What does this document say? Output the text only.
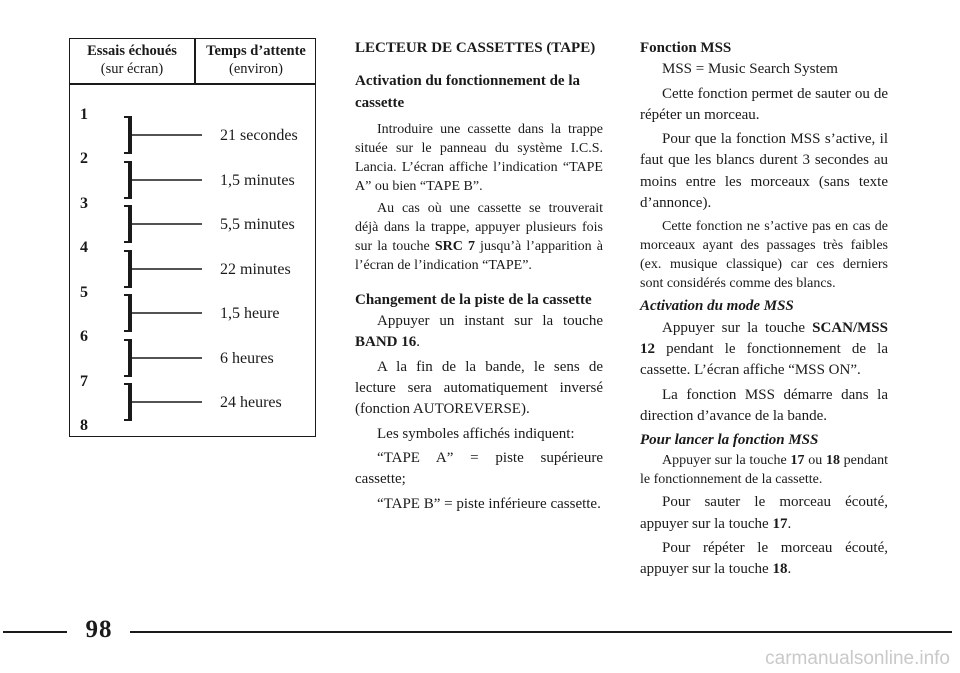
Essais échoués
(sur écran)
Temps d’attente
(environ)
1
2
3
4
5
6
7
8
21 secondes
1,5 minutes
5,5 minutes
22 minutes
1,5 heure
6 heures
24 heures
LECTEUR DE CASSETTES (TAPE)
Activation du fonctionnement de la cassette

Introduire une cassette dans la trappe située sur le panneau du système I.C.S. Lancia. L’écran affiche l’indication “TAPE A” ou bien “TAPE B”.

Au cas où une cassette se trouverait déjà dans la trappe, appuyer plusieurs fois sur la touche SRC 7 jusqu’à l’apparition à l’écran de l’indication “TAPE”.

Changement de la piste de la cassette

Appuyer un instant sur la touche BAND 16.

A la fin de la bande, le sens de lecture sera automatiquement inversé (fonction AUTOREVERSE).

Les symboles affichés indiquent:

“TAPE A” = piste supérieure cassette;

“TAPE B” = piste inférieure cassette.

Fonction MSS

MSS = Music Search System

Cette fonction permet de sauter ou de répéter un morceau.

Pour que la fonction MSS s’active, il faut que les blancs durent 3 secondes au moins entre les morceaux (sans texte d’annonce).

Cette fonction ne s’active pas en cas de morceaux ayant des passages très faibles (ex. musique classique) car ces derniers sont considérés comme des blancs.

Activation du mode MSS

Appuyer sur la touche SCAN/MSS 12 pendant le fonctionnement de la cassette. L’écran affiche “MSS ON”.

La fonction MSS démarre dans la direction d’avance de la bande.

Pour lancer la fonction MSS

Appuyer sur la touche 17 ou 18 pendant le fonctionnement de la cassette.

Pour sauter le morceau écouté, appuyer sur la touche 17.

Pour répéter le morceau écouté, appuyer sur la touche 18.

98
carmanualsonline.info
